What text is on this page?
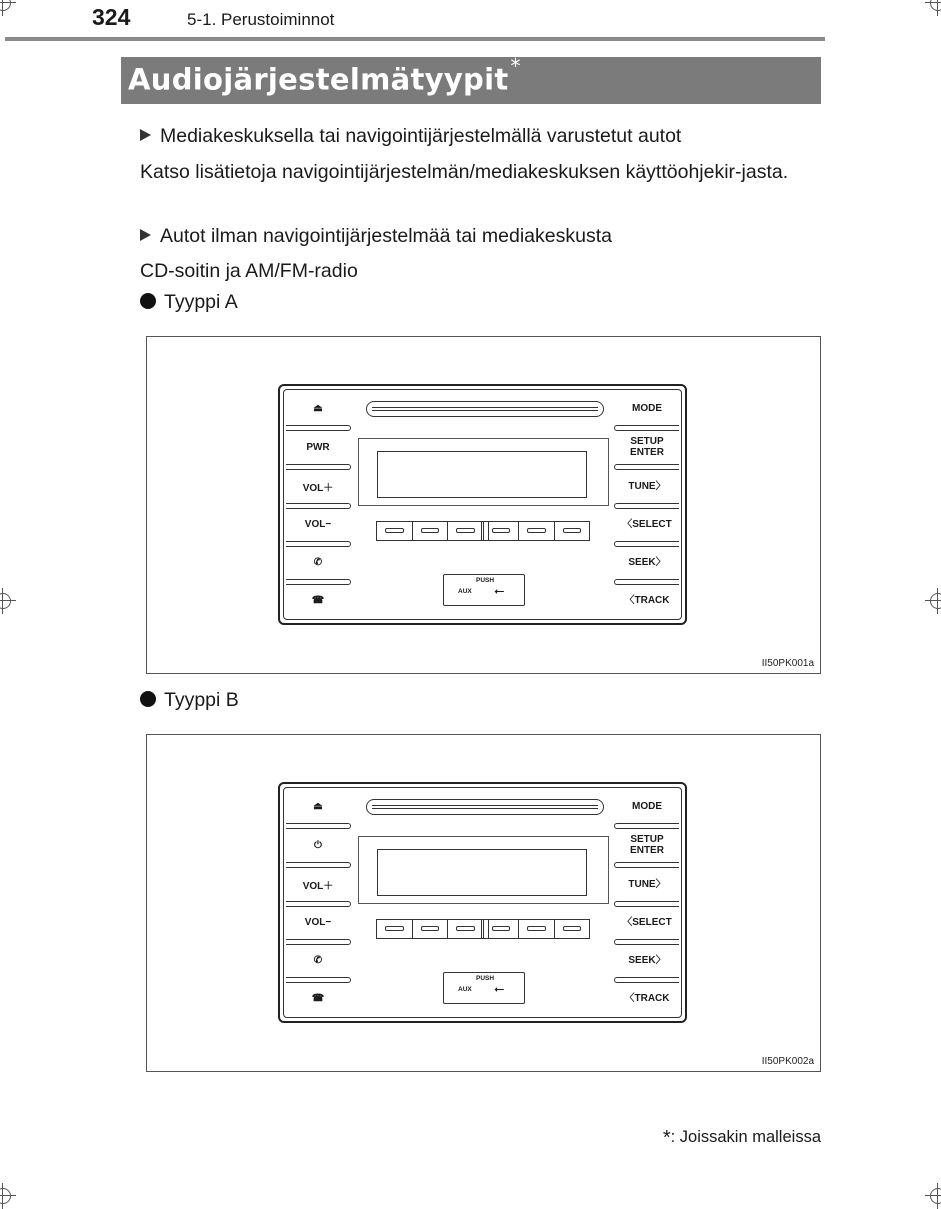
324	5-1. Perustoiminnot
Audiojärjestelmätyypit *
Mediakeskuksella tai navigointijärjestelmällä varustetut autot
Katso lisätietoja navigointijärjestelmän/mediakeskuksen käyttöohjekir-jasta.
Autot ilman navigointijärjestelmää tai mediakeskusta
CD-soitin ja AM/FM-radio
Tyyppi A
⏏
PWR
VOL＋
VOL−
✆
☎
MODE
SETUP
ENTER
TUNE〉
〈SELECT
SEEK〉
〈TRACK
PUSH
AUX ⭠
II50PK001a
Tyyppi B
⏏
⏻
VOL＋
VOL−
✆
☎
MODE
SETUP
ENTER
TUNE〉
〈SELECT
SEEK〉
〈TRACK
PUSH
AUX ⭠
II50PK002a
*: Joissakin malleissa
